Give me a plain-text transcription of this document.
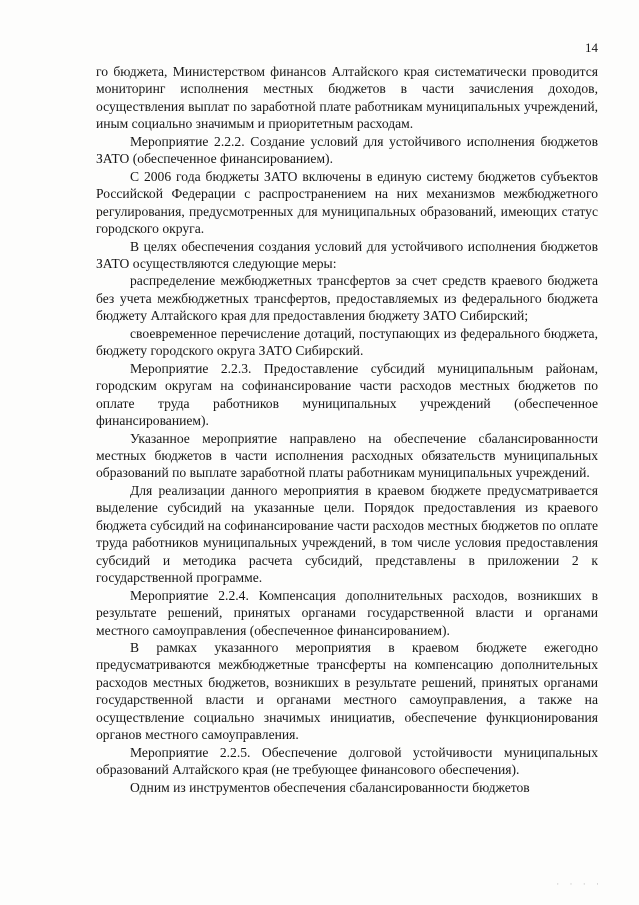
14

го бюджета, Министерством финансов Алтайского края систематически проводится мониторинг исполнения местных бюджетов в части зачисления доходов, осуществления выплат по заработной плате работникам муниципальных учреждений, иным социально значимым и приоритетным расходам.

Мероприятие 2.2.2. Создание условий для устойчивого исполнения бюджетов ЗАТО (обеспеченное финансированием).

С 2006 года бюджеты ЗАТО включены в единую систему бюджетов субъектов Российской Федерации с распространением на них механизмов межбюджетного регулирования, предусмотренных для муниципальных образований, имеющих статус городского округа.

В целях обеспечения создания условий для устойчивого исполнения бюджетов ЗАТО осуществляются следующие меры:

распределение межбюджетных трансфертов за счет средств краевого бюджета без учета межбюджетных трансфертов, предоставляемых из федерального бюджета бюджету Алтайского края для предоставления бюджету ЗАТО Сибирский;

своевременное перечисление дотаций, поступающих из федерального бюджета, бюджету городского округа ЗАТО Сибирский.

Мероприятие 2.2.3. Предоставление субсидий муниципальным районам, городским округам на софинансирование части расходов местных бюджетов по оплате труда работников муниципальных учреждений (обеспеченное финансированием).

Указанное мероприятие направлено на обеспечение сбалансированности местных бюджетов в части исполнения расходных обязательств муниципальных образований по выплате заработной платы работникам муниципальных учреждений.

Для реализации данного мероприятия в краевом бюджете предусматривается выделение субсидий на указанные цели. Порядок предоставления из краевого бюджета субсидий на софинансирование части расходов местных бюджетов по оплате труда работников муниципальных учреждений, в том числе условия предоставления субсидий и методика расчета субсидий, представлены в приложении 2 к государственной программе.

Мероприятие 2.2.4. Компенсация дополнительных расходов, возникших в результате решений, принятых органами государственной власти и органами местного самоуправления (обеспеченное финансированием).

В рамках указанного мероприятия в краевом бюджете ежегодно предусматриваются межбюджетные трансферты на компенсацию дополнительных расходов местных бюджетов, возникших в результате решений, принятых органами государственной власти и органами местного самоуправления, а также на осуществление социально значимых инициатив, обеспечение функционирования органов местного самоуправления.

Мероприятие 2.2.5. Обеспечение долговой устойчивости муниципальных образований Алтайского края (не требующее финансового обеспечения).

Одним из инструментов обеспечения сбалансированности бюджетов

· · · ·
